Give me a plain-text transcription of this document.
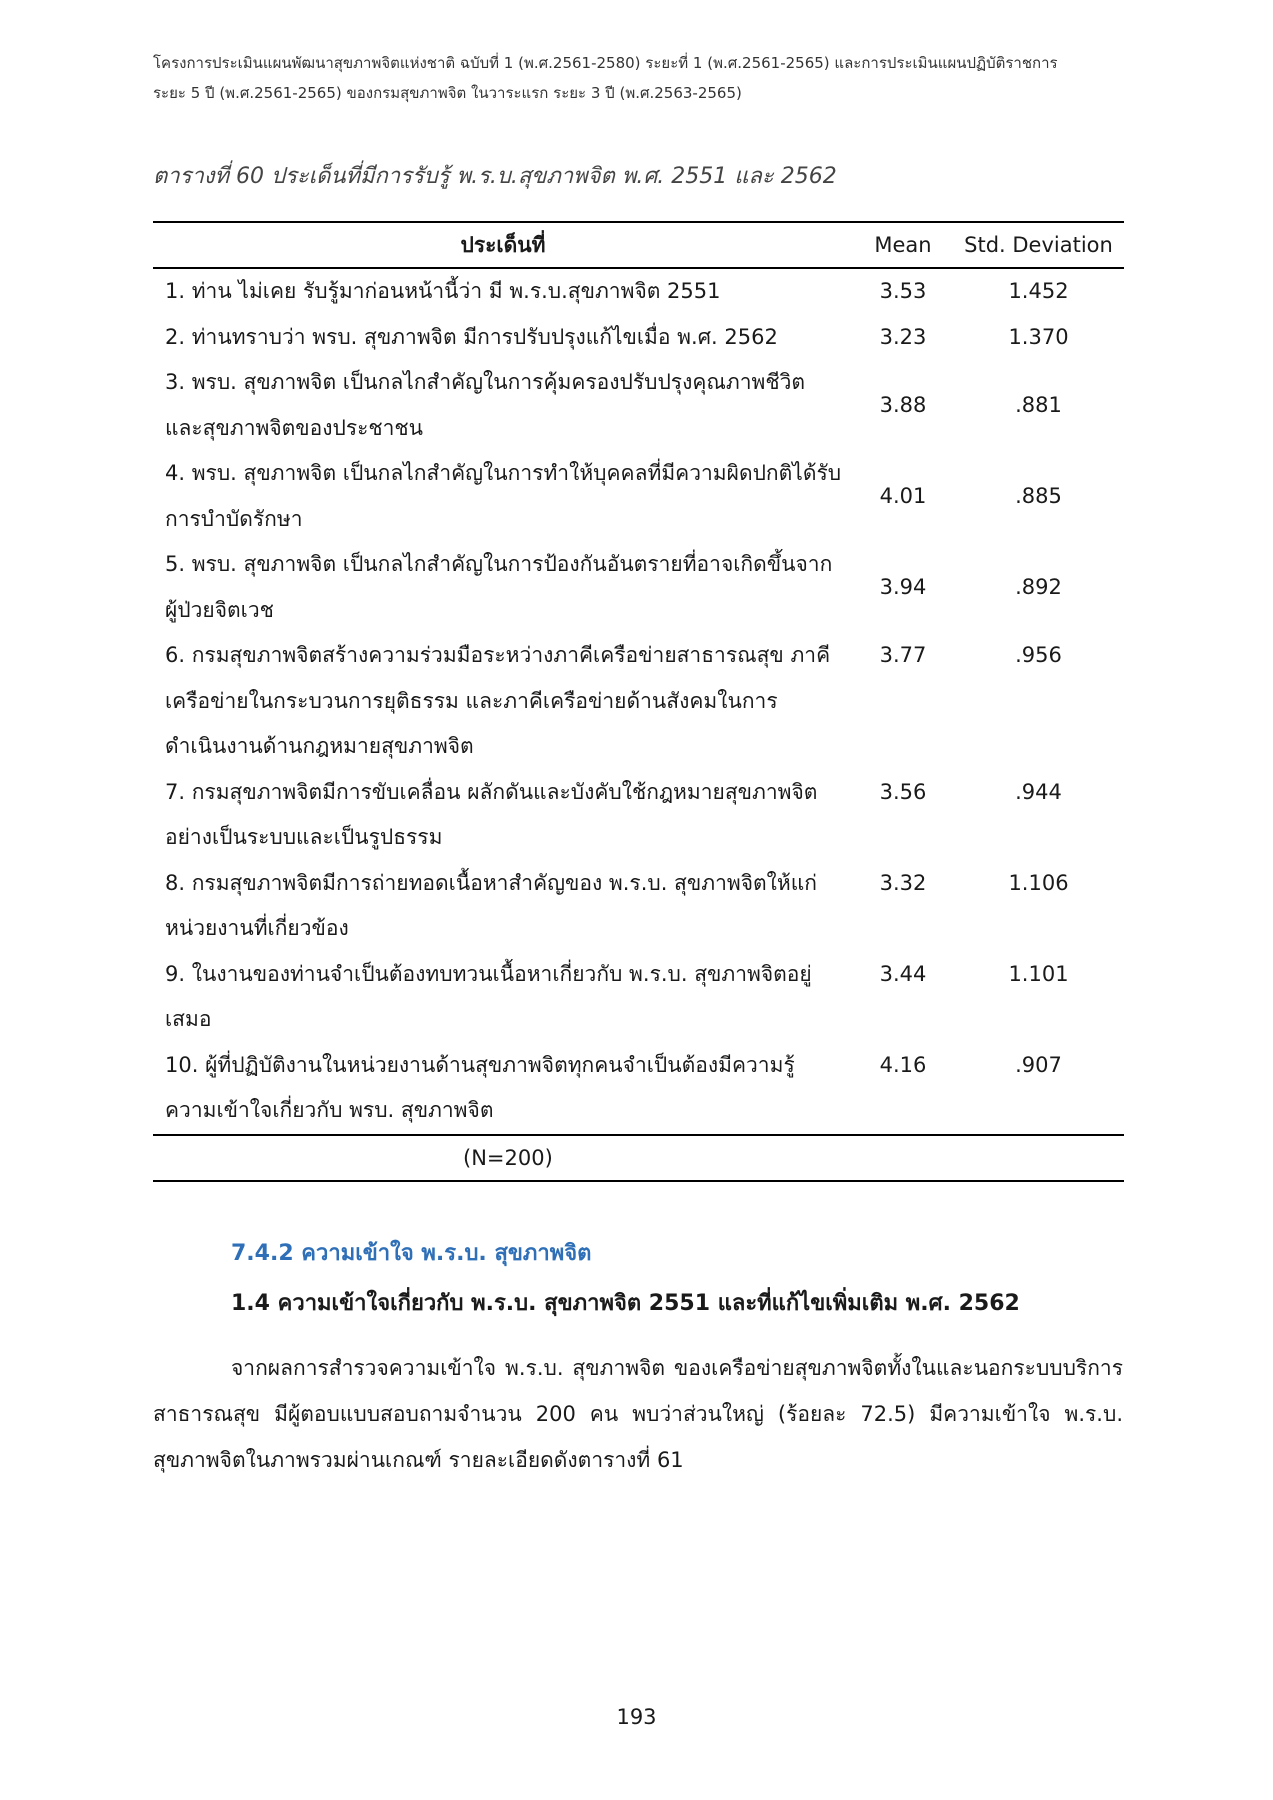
โครงการประเมินแผนพัฒนาสุขภาพจิตแห่งชาติ ฉบับที่ 1 (พ.ศ.2561-2580) ระยะที่ 1 (พ.ศ.2561-2565) และการประเมินแผนปฏิบัติราชการ
ระยะ 5 ปี (พ.ศ.2561-2565) ของกรมสุขภาพจิต ในวาระแรก ระยะ 3 ปี (พ.ศ.2563-2565)
ตารางที่ 60 ประเด็นที่มีการรับรู้ พ.ร.บ.สุขภาพจิต พ.ศ. 2551 และ 2562
ประเด็นที่	Mean	Std. Deviation

1. ท่าน ไม่เคย รับรู้มาก่อนหน้านี้ว่า มี พ.ร.บ.สุขภาพจิต 2551	3.53	1.452

2. ท่านทราบว่า พรบ. สุขภาพจิต มีการปรับปรุงแก้ไขเมื่อ พ.ศ. 2562	3.23	1.370

3. พรบ. สุขภาพจิต เป็นกลไกสำคัญในการคุ้มครองปรับปรุงคุณภาพชีวิต
และสุขภาพจิตของประชาชน	3.88	.881

4. พรบ. สุขภาพจิต เป็นกลไกสำคัญในการทำให้บุคคลที่มีความผิดปกติได้รับ
การบำบัดรักษา	4.01	.885

5. พรบ. สุขภาพจิต เป็นกลไกสำคัญในการป้องกันอันตรายที่อาจเกิดขึ้นจาก
ผู้ป่วยจิตเวช	3.94	.892

6. กรมสุขภาพจิตสร้างความร่วมมือระหว่างภาคีเครือข่ายสาธารณสุข ภาคี
เครือข่ายในกระบวนการยุติธรรม และภาคีเครือข่ายด้านสังคมในการ
ดำเนินงานด้านกฎหมายสุขภาพจิต	3.77	.956

7. กรมสุขภาพจิตมีการขับเคลื่อน ผลักดันและบังคับใช้กฎหมายสุขภาพจิต
อย่างเป็นระบบและเป็นรูปธรรม	3.56	.944

8. กรมสุขภาพจิตมีการถ่ายทอดเนื้อหาสำคัญของ พ.ร.บ. สุขภาพจิตให้แก่
หน่วยงานที่เกี่ยวข้อง	3.32	1.106

9. ในงานของท่านจำเป็นต้องทบทวนเนื้อหาเกี่ยวกับ พ.ร.บ. สุขภาพจิตอยู่
เสมอ	3.44	1.101

10. ผู้ที่ปฏิบัติงานในหน่วยงานด้านสุขภาพจิตทุกคนจำเป็นต้องมีความรู้
ความเข้าใจเกี่ยวกับ พรบ. สุขภาพจิต	4.16	.907
(N=200)		
7.4.2 ความเข้าใจ พ.ร.บ. สุขภาพจิต
1.4 ความเข้าใจเกี่ยวกับ พ.ร.บ. สุขภาพจิต 2551 และที่แก้ไขเพิ่มเติม พ.ศ. 2562
จากผลการสำรวจความเข้าใจ พ.ร.บ. สุขภาพจิต ของเครือข่ายสุขภาพจิตทั้งในและนอกระบบบริการสาธารณสุข มีผู้ตอบแบบสอบถามจำนวน 200 คน พบว่าส่วนใหญ่ (ร้อยละ 72.5) มีความเข้าใจ พ.ร.บ. สุขภาพจิตในภาพรวมผ่านเกณฑ์ รายละเอียดดังตารางที่ 61
193
